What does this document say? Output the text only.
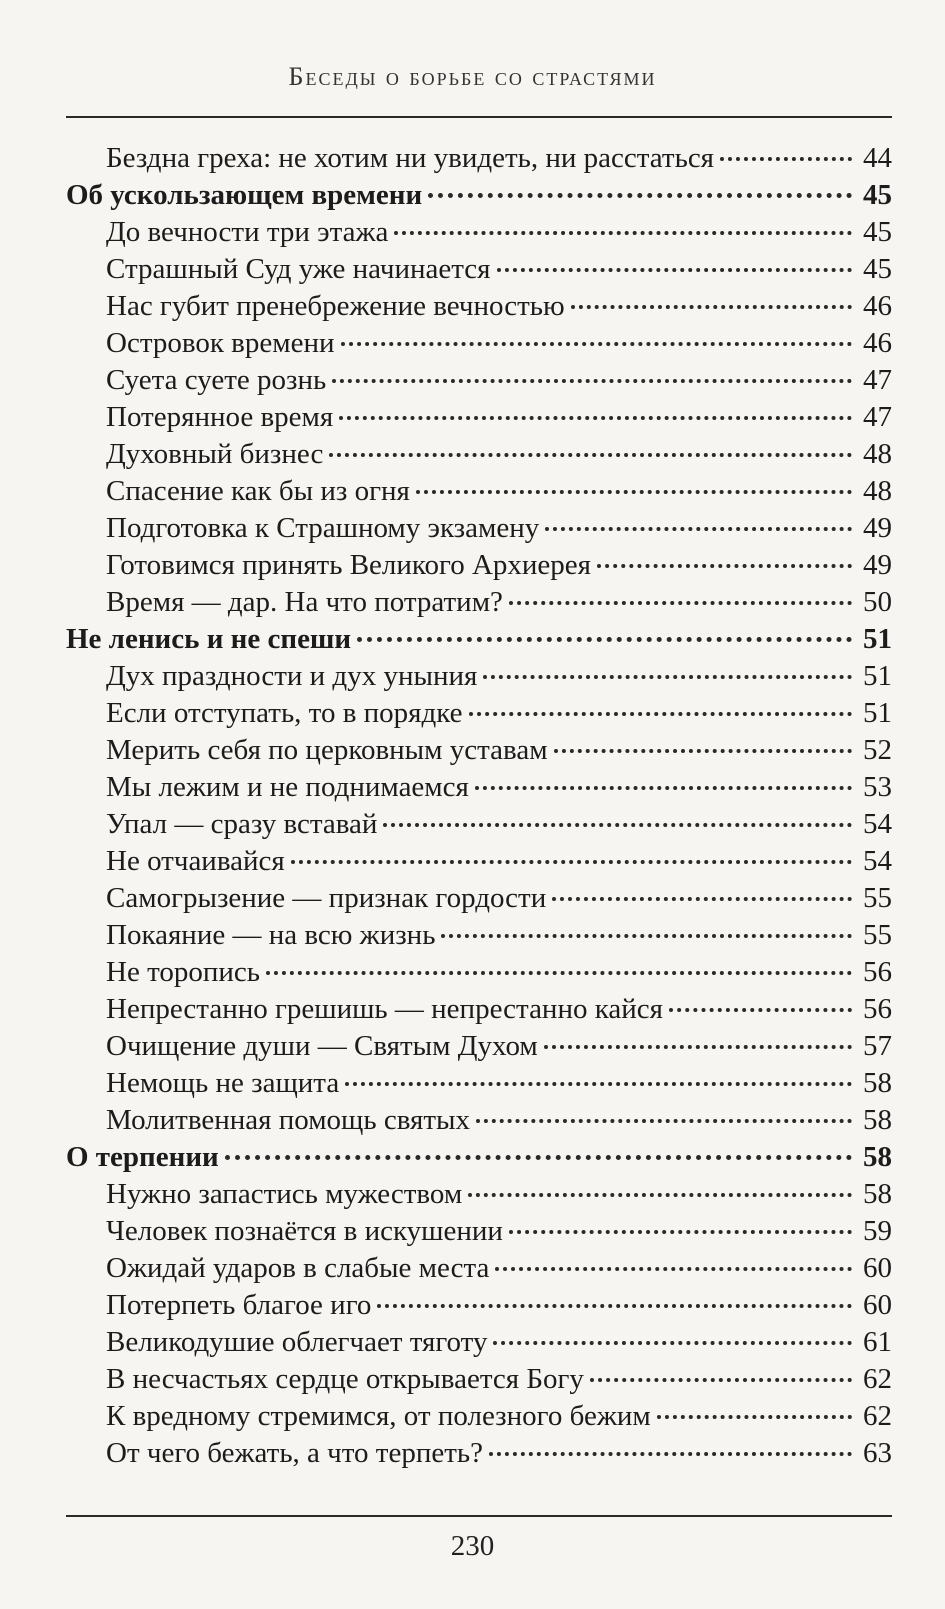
Беседы о борьбе со страстями
Бездна греха: не хотим ни увидеть, ни расстаться	44
Об ускользающем времени	45
До вечности три этажа	45
Страшный Суд уже начинается	45
Нас губит пренебрежение вечностью	46
Островок времени	46
Суета суете рознь	47
Потерянное время	47
Духовный бизнес	48
Спасение как бы из огня	48
Подготовка к Страшному экзамену	49
Готовимся принять Великого Архиерея	49
Время — дар. На что потратим?	50
Не ленись и не спеши	51
Дух праздности и дух уныния	51
Если отступать, то в порядке	51
Мерить себя по церковным уставам	52
Мы лежим и не поднимаемся	53
Упал — сразу вставай	54
Не отчаивайся	54
Самогрызение — признак гордости	55
Покаяние — на всю жизнь	55
Не торопись	56
Непрестанно грешишь — непрестанно кайся	56
Очищение души — Святым Духом	57
Немощь не защита	58
Молитвенная помощь святых	58
О терпении	58
Нужно запастись мужеством	58
Человек познаётся в искушении	59
Ожидай ударов в слабые места	60
Потерпеть благое иго	60
Великодушие облегчает тяготу	61
В несчастьях сердце открывается Богу	62
К вредному стремимся, от полезного бежим	62
От чего бежать, а что терпеть?	63
230
